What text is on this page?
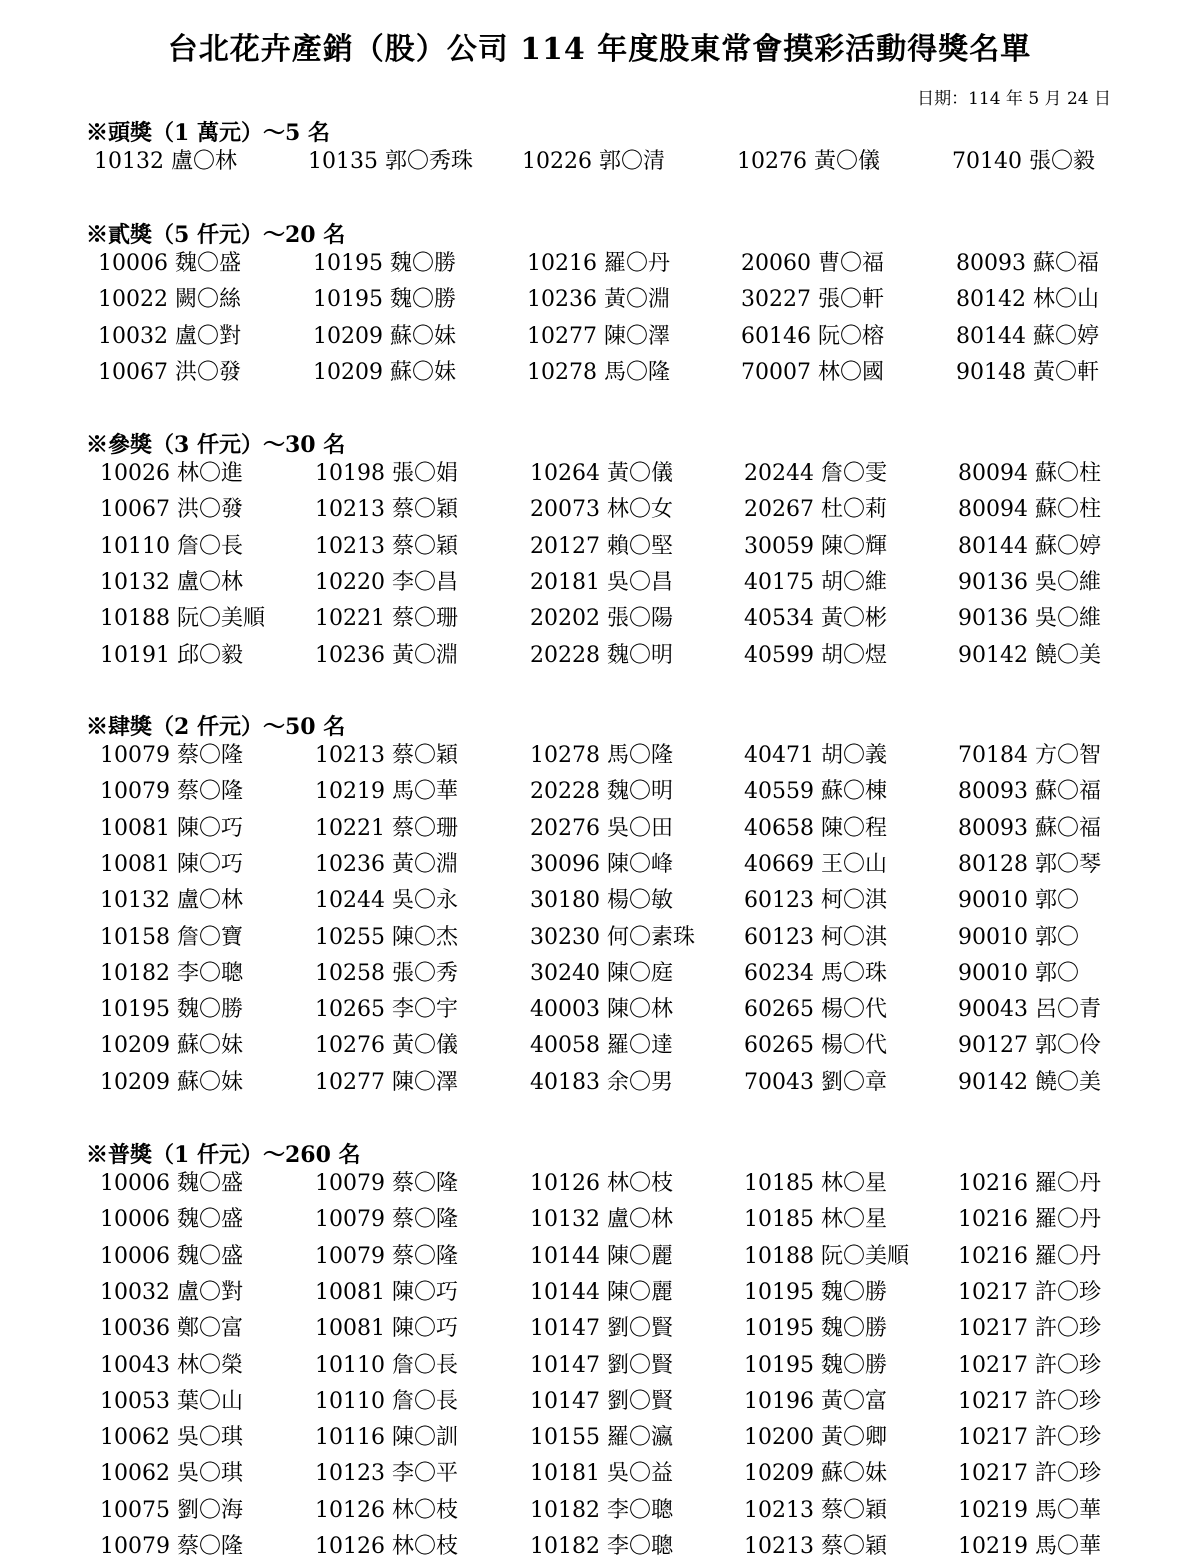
台北花卉產銷（股）公司 114 年度股東常會摸彩活動得獎名單
日期：114 年 5 月 24 日
※頭獎（1 萬元）～5 名
10132 盧〇林	10135 郭〇秀珠 10226 郭〇清	10276 黃〇儀	70140 張〇毅
※貳獎（5 仟元）～20 名
10006 魏〇盛	10195 魏〇勝	10216 羅〇丹	20060 曹〇福	80093 蘇〇福
10022 闕〇絲	10195 魏〇勝	10236 黃〇淵	30227 張〇軒	80142 林〇山
10032 盧〇對	10209 蘇〇妹	10277 陳〇澤	60146 阮〇榕	80144 蘇〇婷
10067 洪〇發	10209 蘇〇妹	10278 馬〇隆	70007 林〇國	90148 黃〇軒
※參獎（3 仟元）～30 名
10026 林〇進	10198 張〇娟	10264 黃〇儀	20244 詹〇雯	80094 蘇〇柱
10067 洪〇發	10213 蔡〇穎	20073 林〇女	20267 杜〇莉	80094 蘇〇柱
10110 詹〇長	10213 蔡〇穎	20127 賴〇堅	30059 陳〇輝	80144 蘇〇婷
10132 盧〇林	10220 李〇昌	20181 吳〇昌	40175 胡〇維	90136 吳〇維
10188 阮〇美順 10221 蔡〇珊	20202 張〇陽	40534 黃〇彬	90136 吳〇維
10191 邱〇毅	10236 黃〇淵	20228 魏〇明	40599 胡〇煜	90142 饒〇美
※肆獎（2 仟元）～50 名
10079 蔡〇隆	10213 蔡〇穎	10278 馬〇隆	40471 胡〇義	70184 方〇智
10079 蔡〇隆	10219 馬〇華	20228 魏〇明	40559 蘇〇棟	80093 蘇〇福
10081 陳〇巧	10221 蔡〇珊	20276 吳〇田	40658 陳〇程	80093 蘇〇福
10081 陳〇巧	10236 黃〇淵	30096 陳〇峰	40669 王〇山	80128 郭〇琴
10132 盧〇林	10244 吳〇永	30180 楊〇敏	60123 柯〇淇	90010 郭〇
10158 詹〇寶	10255 陳〇杰	30230 何〇素珠 60123 柯〇淇	90010 郭〇
10182 李〇聰	10258 張〇秀	30240 陳〇庭	60234 馬〇珠	90010 郭〇
10195 魏〇勝	10265 李〇宇	40003 陳〇林	60265 楊〇代	90043 呂〇青
10209 蘇〇妹	10276 黃〇儀	40058 羅〇達	60265 楊〇代	90127 郭〇伶
10209 蘇〇妹	10277 陳〇澤	40183 余〇男	70043 劉〇章	90142 饒〇美
※普獎（1 仟元）～260 名
10006 魏〇盛	10079 蔡〇隆	10126 林〇枝	10185 林〇星	10216 羅〇丹
10006 魏〇盛	10079 蔡〇隆	10132 盧〇林	10185 林〇星	10216 羅〇丹
10006 魏〇盛	10079 蔡〇隆	10144 陳〇麗	10188 阮〇美順 10216 羅〇丹
10032 盧〇對	10081 陳〇巧	10144 陳〇麗	10195 魏〇勝	10217 許〇珍
10036 鄭〇富	10081 陳〇巧	10147 劉〇賢	10195 魏〇勝	10217 許〇珍
10043 林〇榮	10110 詹〇長	10147 劉〇賢	10195 魏〇勝	10217 許〇珍
10053 葉〇山	10110 詹〇長	10147 劉〇賢	10196 黃〇富	10217 許〇珍
10062 吳〇琪	10116 陳〇訓	10155 羅〇瀛	10200 黃〇卿	10217 許〇珍
10062 吳〇琪	10123 李〇平	10181 吳〇益	10209 蘇〇妹	10217 許〇珍
10075 劉〇海	10126 林〇枝	10182 李〇聰	10213 蔡〇穎	10219 馬〇華
10079 蔡〇隆	10126 林〇枝	10182 李〇聰	10213 蔡〇穎	10219 馬〇華
